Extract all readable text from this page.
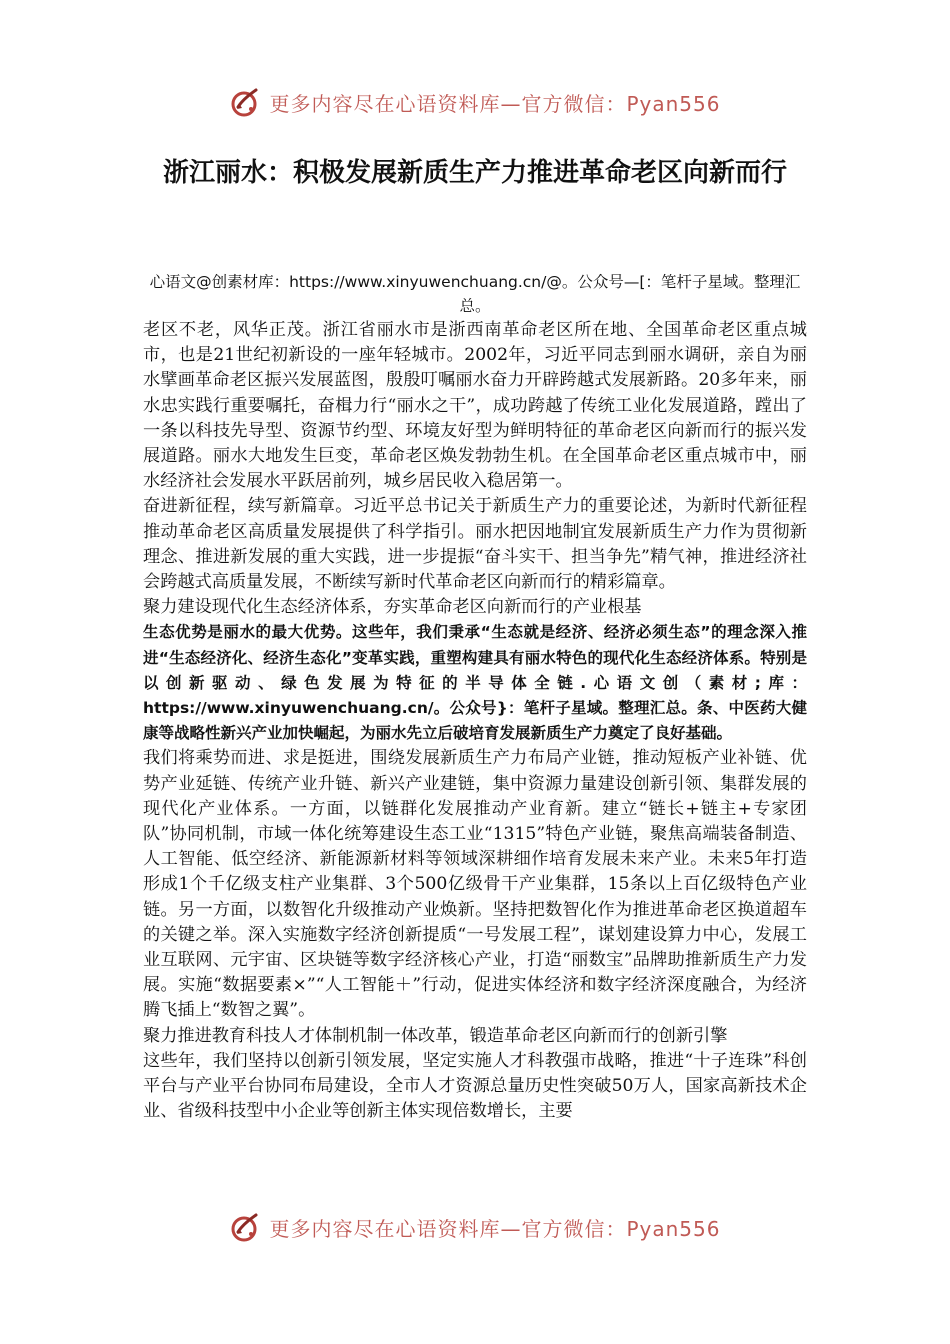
更多内容尽在心语资料库—官方微信：Pyan556
浙江丽水：积极发展新质生产力推进革命老区向新而行
心语文@创素材库：https://www.xinyuwenchuang.cn/@。公众号—[：笔杆子星域。整理汇总。

老区不老，风华正茂。浙江省丽水市是浙西南革命老区所在地、全国革命老区重点城市，也是21世纪初新设的一座年轻城市。2002年，习近平同志到丽水调研，亲自为丽水擘画革命老区振兴发展蓝图，殷殷叮嘱丽水奋力开辟跨越式发展新路。20多年来，丽水忠实践行重要嘱托，奋楫力行“丽水之干”，成功跨越了传统工业化发展道路，蹚出了一条以科技先导型、资源节约型、环境友好型为鲜明特征的革命老区向新而行的振兴发展道路。丽水大地发生巨变，革命老区焕发勃勃生机。在全国革命老区重点城市中，丽水经济社会发展水平跃居前列，城乡居民收入稳居第一。

奋进新征程，续写新篇章。习近平总书记关于新质生产力的重要论述，为新时代新征程推动革命老区高质量发展提供了科学指引。丽水把因地制宜发展新质生产力作为贯彻新理念、推进新发展的重大实践，进一步提振“奋斗实干、担当争先”精气神，推进经济社会跨越式高质量发展，不断续写新时代革命老区向新而行的精彩篇章。

聚力建设现代化生态经济体系，夯实革命老区向新而行的产业根基

生态优势是丽水的最大优势。这些年，我们秉承“生态就是经济、经济必须生态”的理念深入推进“生态经济化、经济生态化”变革实践，重塑构建具有丽水特色的现代化生态经济体系。特别是以创新驱动、绿色发展为特征的半导体全链.心语文创（素材;库：https://www.xinyuwenchuang.cn/。公众号}：笔杆子星域。整理汇总。条、中医药大健康等战略性新兴产业加快崛起，为丽水先立后破培育发展新质生产力奠定了良好基础。

我们将乘势而进、求是挺进，围绕发展新质生产力布局产业链，推动短板产业补链、优势产业延链、传统产业升链、新兴产业建链，集中资源力量建设创新引领、集群发展的现代化产业体系。一方面，以链群化发展推动产业育新。建立“链长+链主+专家团队”协同机制，市域一体化统筹建设生态工业“1315”特色产业链，聚焦高端装备制造、人工智能、低空经济、新能源新材料等领域深耕细作培育发展未来产业。未来5年打造形成1个千亿级支柱产业集群、3个500亿级骨干产业集群，15条以上百亿级特色产业链。另一方面，以数智化升级推动产业焕新。坚持把数智化作为推进革命老区换道超车的关键之举。深入实施数字经济创新提质“一号发展工程”，谋划建设算力中心，发展工业互联网、元宇宙、区块链等数字经济核心产业，打造“丽数宝”品牌助推新质生产力发展。实施“数据要素×”“人工智能＋”行动，促进实体经济和数字经济深度融合，为经济腾飞插上“数智之翼”。

聚力推进教育科技人才体制机制一体改革，锻造革命老区向新而行的创新引擎

这些年，我们坚持以创新引领发展，坚定实施人才科教强市战略，推进“十子连珠”科创平台与产业平台协同布局建设，全市人才资源总量历史性突破50万人，国家高新技术企业、省级科技型中小企业等创新主体实现倍数增长，主要

更多内容尽在心语资料库—官方微信：Pyan556
